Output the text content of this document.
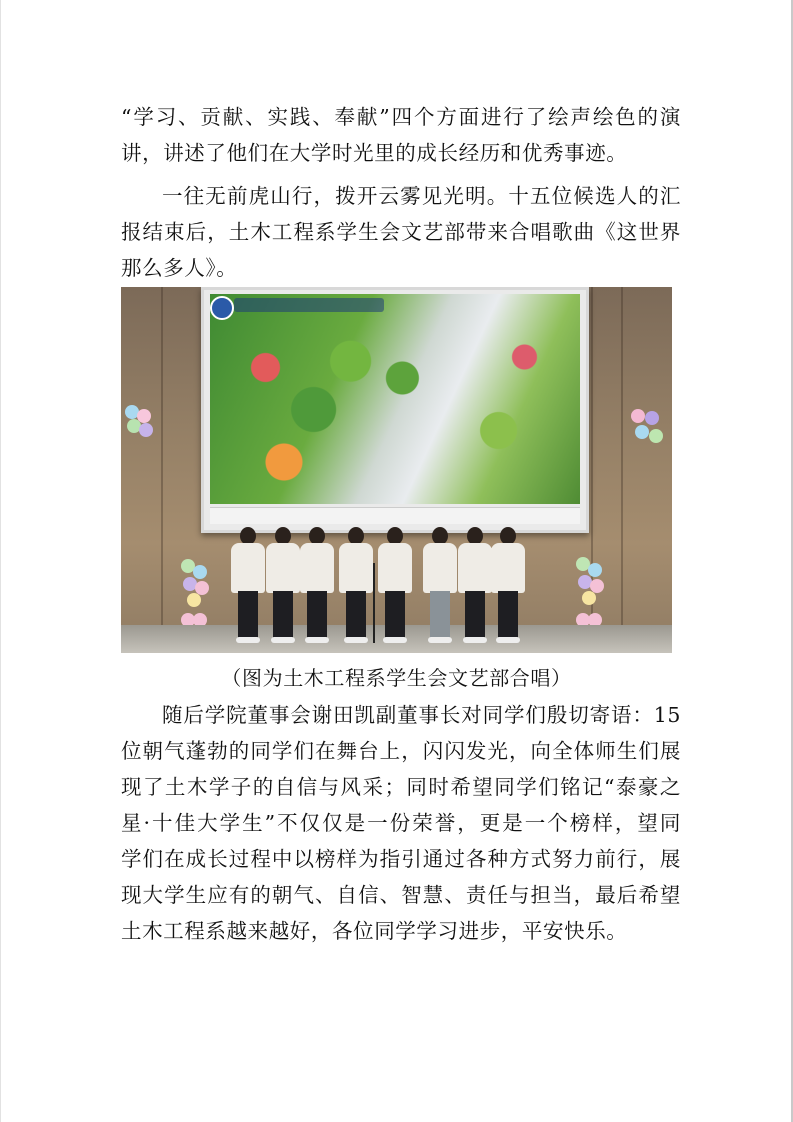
“学习、贡献、实践、奉献”四个方面进行了绘声绘色的演
讲，讲述了他们在大学时光里的成长经历和优秀事迹。
一往无前虎山行，拨开云雾见光明。十五位候选人的汇
报结束后，土木工程系学生会文艺部带来合唱歌曲《这世界
那么多人》。
（图为土木工程系学生会文艺部合唱）
随后学院董事会谢田凯副董事长对同学们殷切寄语：15
位朝气蓬勃的同学们在舞台上，闪闪发光，向全体师生们展
现了土木学子的自信与风采；同时希望同学们铭记“泰豪之
星·十佳大学生”不仅仅是一份荣誉，更是一个榜样，望同
学们在成长过程中以榜样为指引通过各种方式努力前行，展
现大学生应有的朝气、自信、智慧、责任与担当，最后希望
土木工程系越来越好，各位同学学习进步，平安快乐。
